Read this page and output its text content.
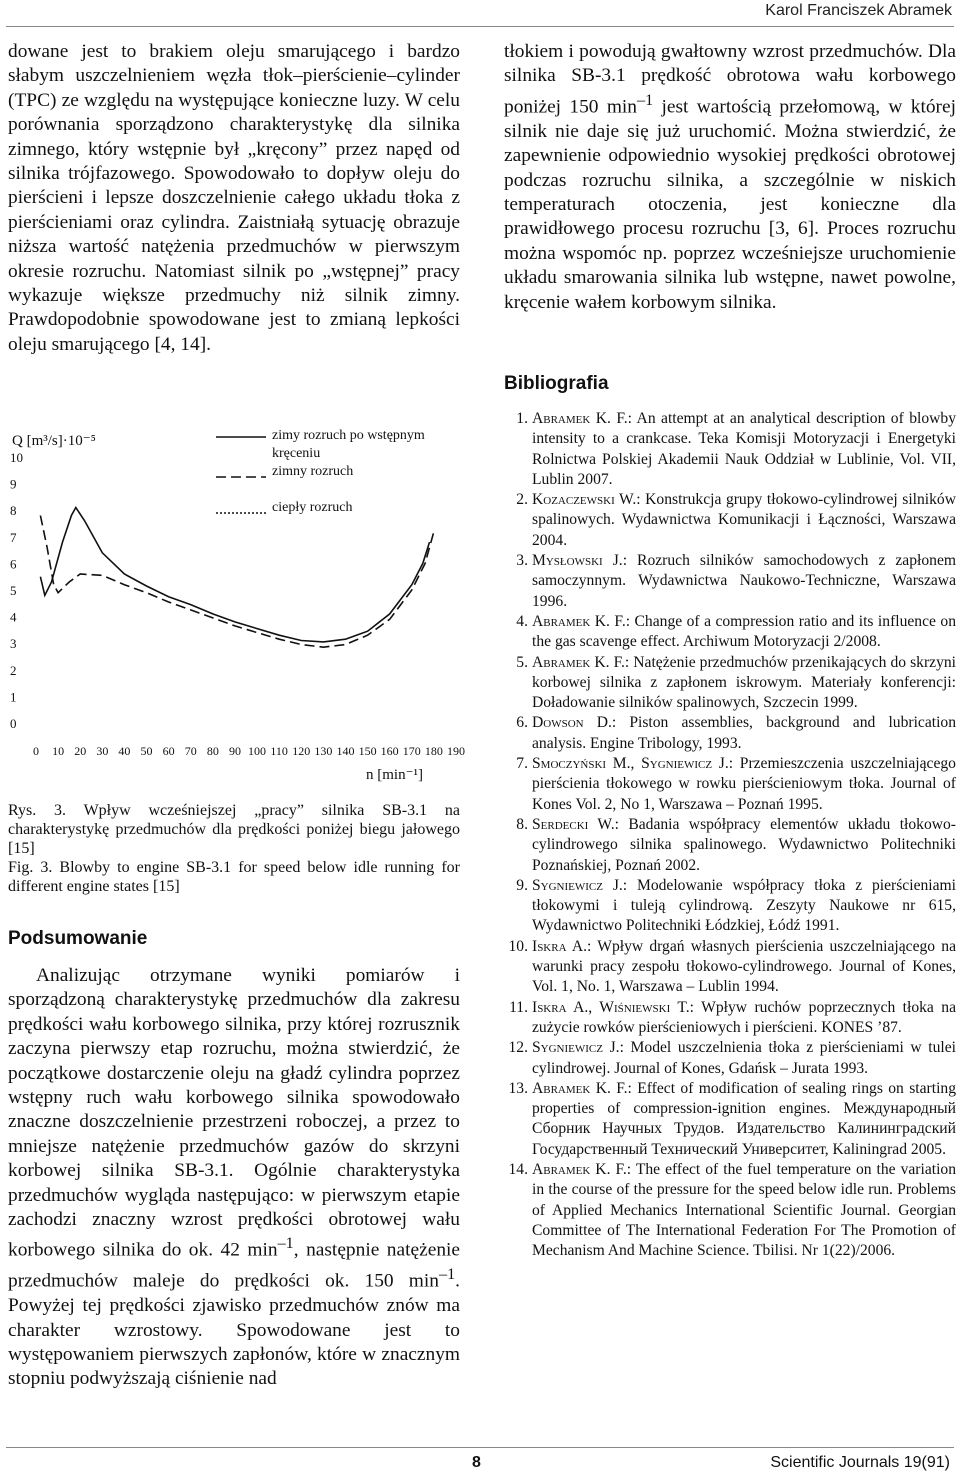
Karol Franciszek Abramek

dowane jest to brakiem oleju smarującego i bardzo słabym uszczelnieniem węzła tłok–pierścienie–cylinder (TPC) ze względu na występujące konieczne luzy. W celu porównania sporządzono charakterystykę dla silnika zimnego, który wstępnie był „kręcony” przez napęd od silnika trójfazowego. Spowodowało to dopływ oleju do pierścieni i lepsze doszczelnienie całego układu tłoka z pierścieniami oraz cylindra. Zaistniałą sytuację obrazuje niższa wartość natężenia przedmuchów w pierwszym okresie rozruchu. Natomiast silnik po „wstępnej” pracy wykazuje większe przedmuchy niż silnik zimny. Prawdopodobnie spowodowane jest to zmianą lepkości oleju smarującego [4, 14].

Q [m³/s]·10⁻⁵
0
1
2
3
4
5
6
7
8
9
10
0 10 20 30 40 50 60 70 80 90 100 110 120 130 140 150 160 170 180 190
zimy rozruch po wstępnym kręceniu
zimny rozruch
ciepły rozruch
n [min⁻¹]

Rys. 3. Wpływ wcześniejszej „pracy” silnika SB-3.1 na charakterystykę przedmuchów dla prędkości poniżej biegu jałowego [15]

Fig. 3. Blowby to engine SB-3.1 for speed below idle running for different engine states [15]

Podsumowanie

Analizując otrzymane wyniki pomiarów i sporządzoną charakterystykę przedmuchów dla zakresu prędkości wału korbowego silnika, przy której rozrusznik zaczyna pierwszy etap rozruchu, można stwierdzić, że początkowe dostarczenie oleju na gładź cylindra poprzez wstępny ruch wału korbowego silnika spowodowało znaczne doszczelnienie przestrzeni roboczej, a przez to mniejsze natężenie przedmuchów gazów do skrzyni korbowej silnika SB-3.1. Ogólnie charakterystyka przedmuchów wygląda następująco: w pierwszym etapie zachodzi znaczny wzrost prędkości obrotowej wału korbowego silnika do ok. 42 $\min^{-1}$, następnie natężenie przedmuchów maleje do prędkości ok. 150 $\min^{-1}$. Powyżej tej prędkości zjawisko przedmuchów znów ma charakter wzrostowy. Spowodowane jest to występowaniem pierwszych zapłonów, które w znacznym stopniu podwyższają ciśnienie nad

tłokiem i powodują gwałtowny wzrost przedmuchów. Dla silnika SB-3.1 prędkość obrotowa wału korbowego poniżej 150 $\min^{-1}$ jest wartością przełomową, w której silnik nie daje się już uruchomić. Można stwierdzić, że zapewnienie odpowiednio wysokiej prędkości obrotowej podczas rozruchu silnika, a szczególnie w niskich temperaturach otoczenia, jest konieczne dla prawidłowego procesu rozruchu [3, 6]. Proces rozruchu można wspomóc np. poprzez wcześniejsze uruchomienie układu smarowania silnika lub wstępne, nawet powolne, kręcenie wałem korbowym silnika.

Bibliografia
1. Abramek K. F.: An attempt at an analytical description of blowby intensity to a crankcase. Teka Komisji Motoryzacji i Energetyki Rolnictwa Polskiej Akademii Nauk Oddział w Lublinie, Vol. VII, Lublin 2007.
2. Kozaczewski W.: Konstrukcja grupy tłokowo-cylindrowej silników spalinowych. Wydawnictwa Komunikacji i Łączności, Warszawa 2004.
3. Mysłowski J.: Rozruch silników samochodowych z zapłonem samoczynnym. Wydawnictwa Naukowo-Techniczne, Warszawa 1996.
4. Abramek K. F.: Change of a compression ratio and its influence on the gas scavenge effect. Archiwum Motoryzacji 2/2008.
5. Abramek K. F.: Natężenie przedmuchów przenikających do skrzyni korbowej silnika z zapłonem iskrowym. Materiały konferencji: Doładowanie silników spalinowych, Szczecin 1999.
6. Dowson D.: Piston assemblies, background and lubrication analysis. Engine Tribology, 1993.
7. Smoczyński M., Sygniewicz J.: Przemieszczenia uszczelniającego pierścienia tłokowego w rowku pierścieniowym tłoka. Journal of Kones Vol. 2, No 1, Warszawa – Poznań 1995.
8. Serdecki W.: Badania współpracy elementów układu tłokowo-cylindrowego silnika spalinowego. Wydawnictwo Politechniki Poznańskiej, Poznań 2002.
9. Sygniewicz J.: Modelowanie współpracy tłoka z pierścieniami tłokowymi i tuleją cylindrową. Zeszyty Naukowe nr 615, Wydawnictwo Politechniki Łódzkiej, Łódź 1991.
10. Iskra A.: Wpływ drgań własnych pierścienia uszczelniającego na warunki pracy zespołu tłokowo-cylindrowego. Journal of Kones, Vol. 1, No. 1, Warszawa – Lublin 1994.
11. Iskra A., Wiśniewski T.: Wpływ ruchów poprzecznych tłoka na zużycie rowków pierścieniowych i pierścieni. KONES ’87.
12. Sygniewicz J.: Model uszczelnienia tłoka z pierścieniami w tulei cylindrowej. Journal of Kones, Gdańsk – Jurata 1993.
13. Abramek K. F.: Effect of modification of sealing rings on starting properties of compression-ignition engines. Международный Сборник Научных Трудов. Издательство Калининградский Государственный Технический Университет, Kaliningrad 2005.
14. Abramek K. F.: The effect of the fuel temperature on the variation in the course of the pressure for the speed below idle run. Problems of Applied Mechanics International Scientific Journal. Georgian Committee of The International Federation For The Promotion of Mechanism And Machine Science. Tbilisi. Nr 1(22)/2006.
8	Scientific Journals 19(91)
